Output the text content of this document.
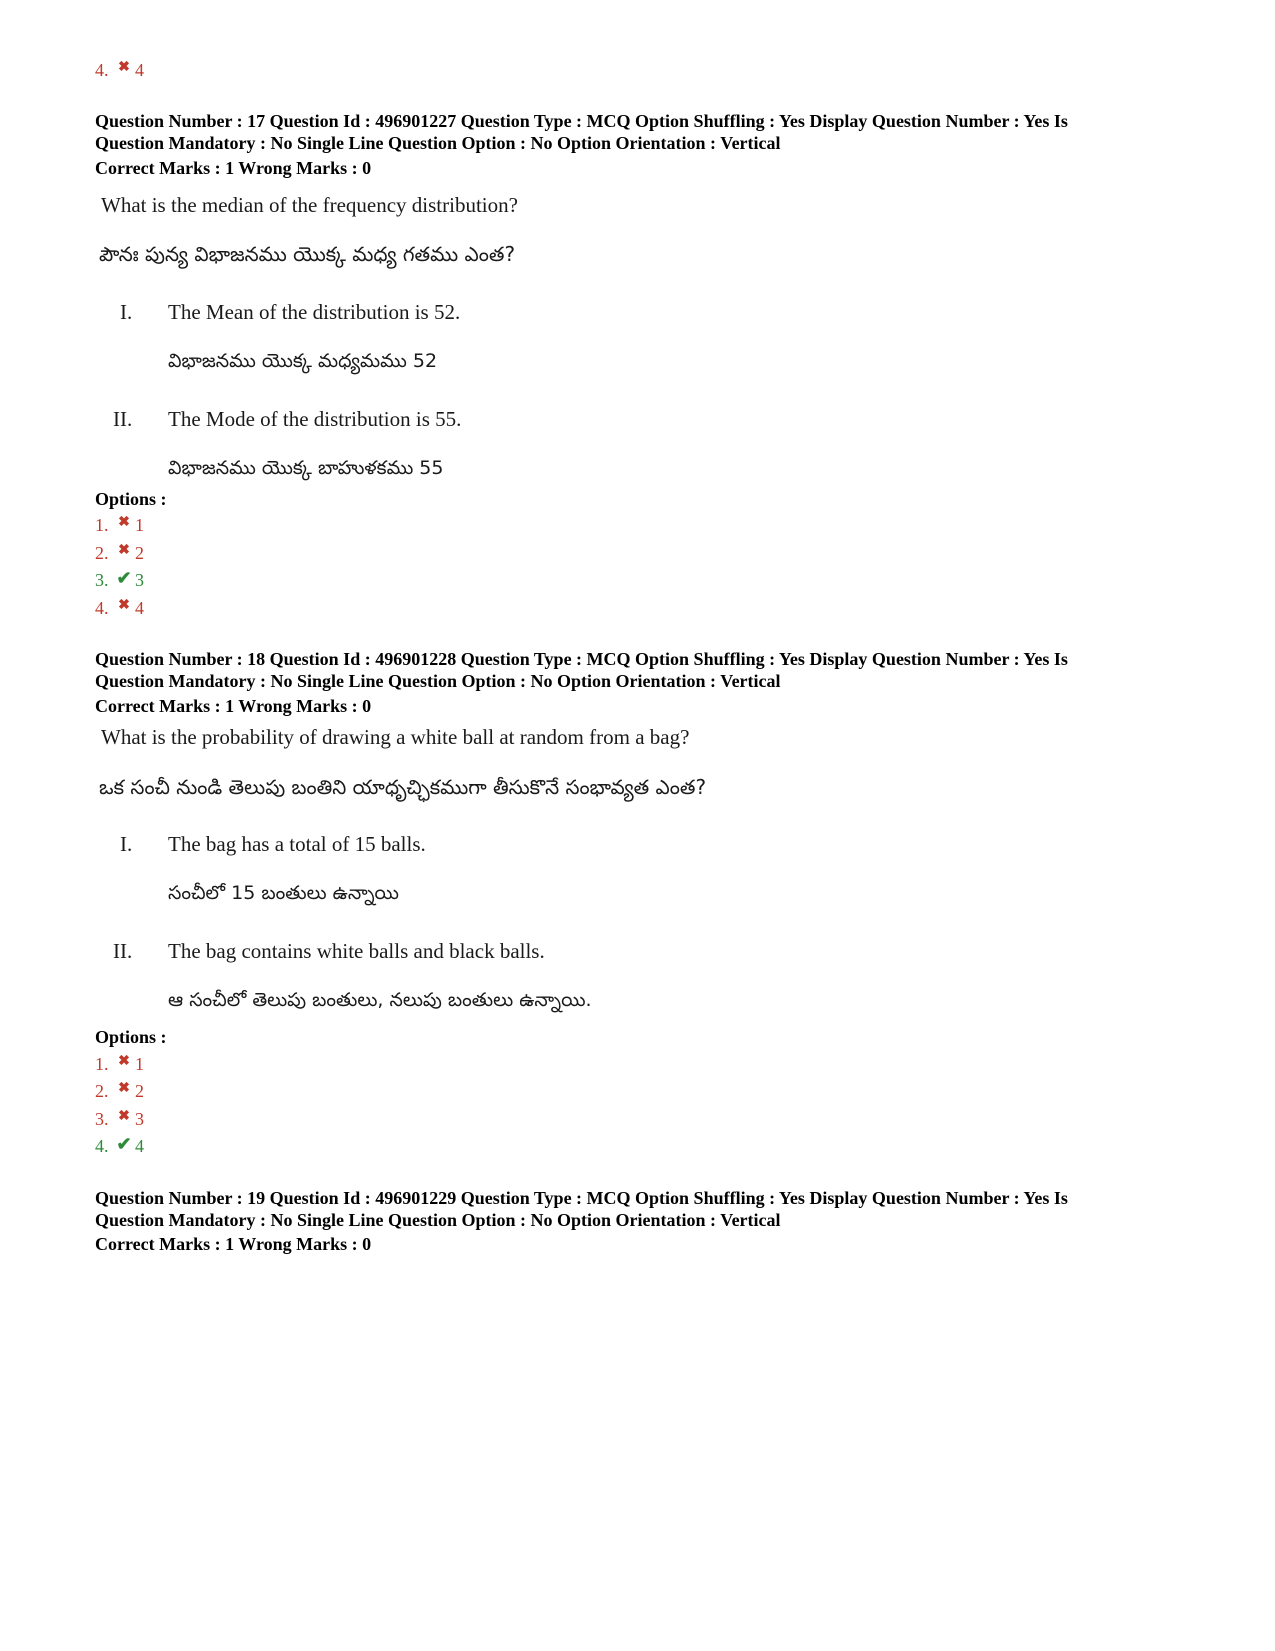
4. ✖ 4
Question Number : 17 Question Id : 496901227 Question Type : MCQ Option Shuffling : Yes Display Question Number : Yes Is
Question Mandatory : No Single Line Question Option : No Option Orientation : Vertical
Correct Marks : 1 Wrong Marks : 0
What is the median of the frequency distribution?
పౌనః పున్య విభాజనము యొక్క మధ్య గతము ఎంత?
I. The Mean of the distribution is 52.
విభాజనము యొక్క మధ్యమము 52
II. The Mode of the distribution is 55.
విభాజనము యొక్క బాహుళకము 55
Options :
1. ✖ 1
2. ✖ 2
3. ✔ 3
4. ✖ 4
Question Number : 18 Question Id : 496901228 Question Type : MCQ Option Shuffling : Yes Display Question Number : Yes Is
Question Mandatory : No Single Line Question Option : No Option Orientation : Vertical
Correct Marks : 1 Wrong Marks : 0
What is the probability of drawing a white ball at random from a bag?
ఒక సంచీ నుండి తెలుపు బంతిని యాధృచ్ఛికముగా తీసుకొనే సంభావ్యత ఎంత?
I. The bag has a total of 15 balls.
సంచీలో 15 బంతులు ఉన్నాయి
II. The bag contains white balls and black balls.
ఆ సంచీలో తెలుపు బంతులు, నలుపు బంతులు ఉన్నాయి.
Options :
1. ✖ 1
2. ✖ 2
3. ✖ 3
4. ✔ 4
Question Number : 19 Question Id : 496901229 Question Type : MCQ Option Shuffling : Yes Display Question Number : Yes Is
Question Mandatory : No Single Line Question Option : No Option Orientation : Vertical
Correct Marks : 1 Wrong Marks : 0
